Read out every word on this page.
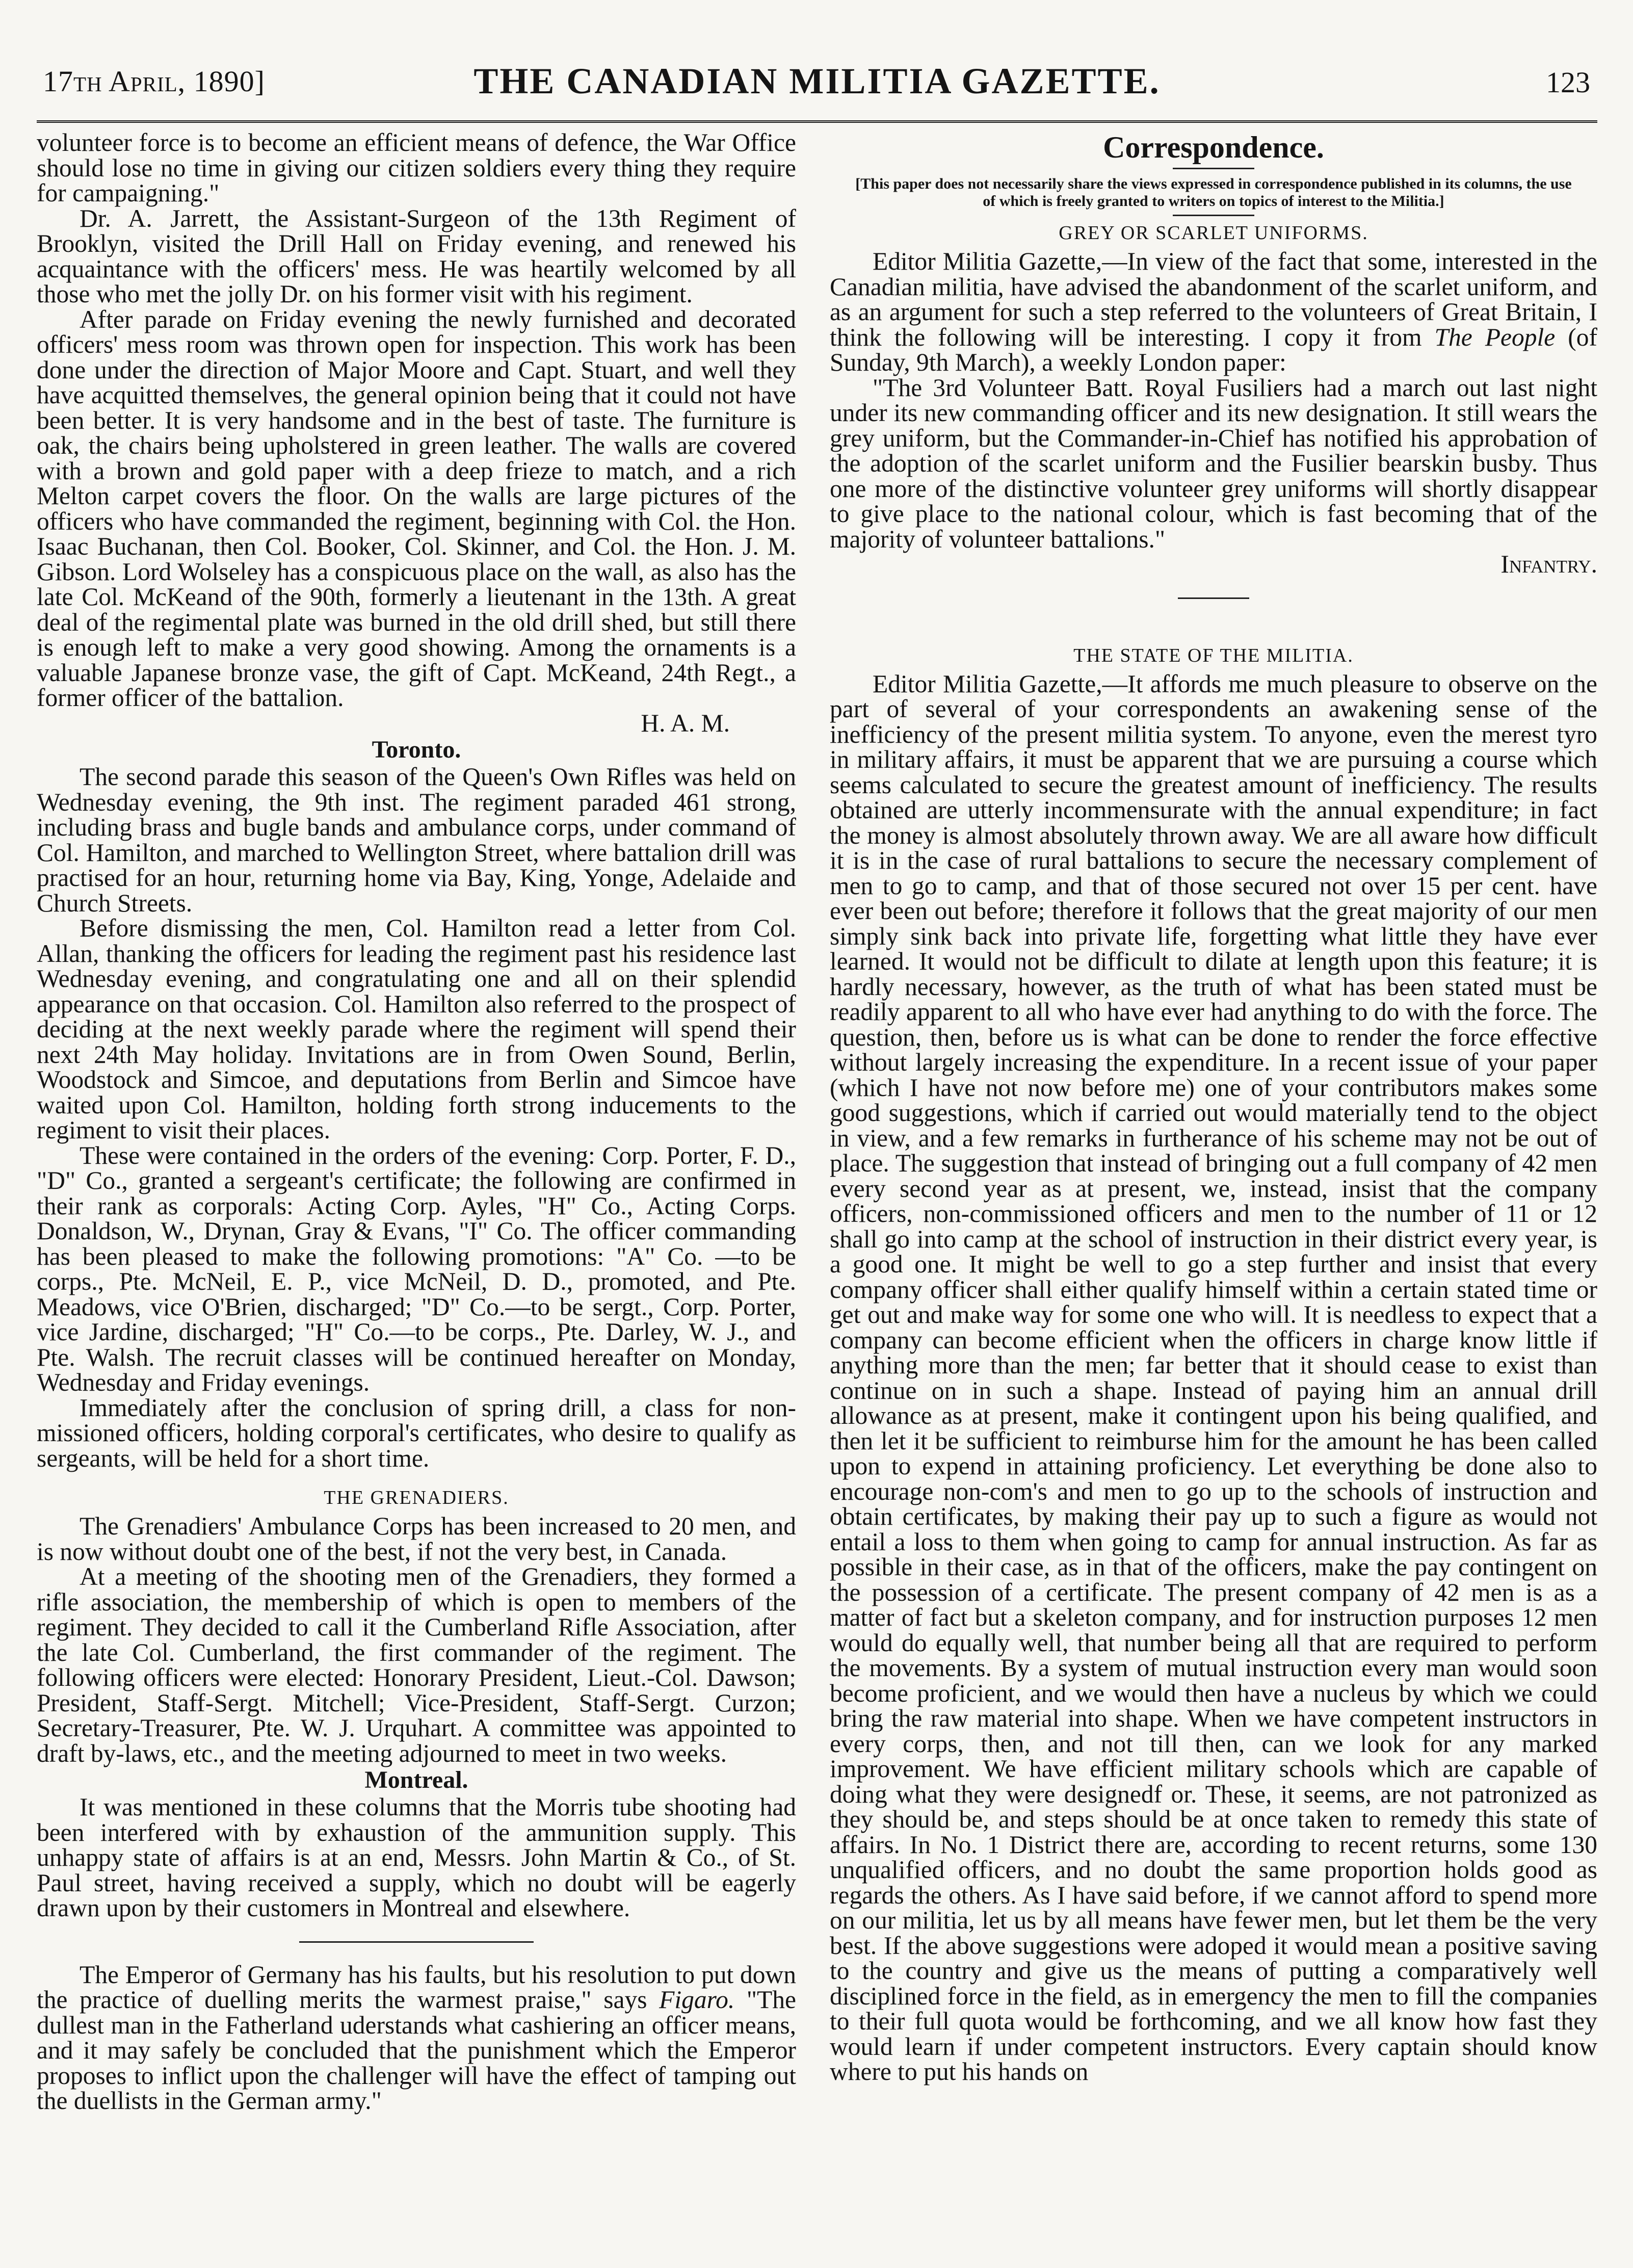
17th April, 1890]	THE CANADIAN MILITIA GAZETTE.	123

volunteer force is to become an efficient means of defence, the War Office should lose no time in giving our citizen soldiers every thing they require for campaigning."

Dr. A. Jarrett, the Assistant-Surgeon of the 13th Regiment of Brooklyn, visited the Drill Hall on Friday evening, and renewed his acquaintance with the officers' mess. He was heartily welcomed by all those who met the jolly Dr. on his former visit with his regiment.

After parade on Friday evening the newly furnished and decorated officers' mess room was thrown open for inspection. This work has been done under the direction of Major Moore and Capt. Stuart, and well they have acquitted themselves, the general opinion being that it could not have been better. It is very handsome and in the best of taste. The furniture is oak, the chairs being upholstered in green leather. The walls are covered with a brown and gold paper with a deep frieze to match, and a rich Melton carpet covers the floor. On the walls are large pictures of the officers who have commanded the regiment, beginning with Col. the Hon. Isaac Buchanan, then Col. Booker, Col. Skinner, and Col. the Hon. J. M. Gibson. Lord Wolseley has a conspicuous place on the wall, as also has the late Col. McKeand of the 90th, formerly a lieutenant in the 13th. A great deal of the regimental plate was burned in the old drill shed, but still there is enough left to make a very good showing. Among the ornaments is a valuable Japanese bronze vase, the gift of Capt. McKeand, 24th Regt., a former officer of the battalion.

H. A. M.

Toronto.

The second parade this season of the Queen's Own Rifles was held on Wednesday evening, the 9th inst. The regiment paraded 461 strong, including brass and bugle bands and ambulance corps, under command of Col. Hamilton, and marched to Wellington Street, where battalion drill was practised for an hour, returning home via Bay, King, Yonge, Adelaide and Church Streets.

Before dismissing the men, Col. Hamilton read a letter from Col. Allan, thanking the officers for leading the regiment past his residence last Wednesday evening, and congratulating one and all on their splendid appearance on that occasion. Col. Hamilton also referred to the prospect of deciding at the next weekly parade where the regiment will spend their next 24th May holiday. Invitations are in from Owen Sound, Berlin, Woodstock and Simcoe, and deputations from Berlin and Simcoe have waited upon Col. Hamilton, holding forth strong inducements to the regiment to visit their places.

These were contained in the orders of the evening: Corp. Porter, F. D., "D" Co., granted a sergeant's certificate; the following are confirmed in their rank as corporals: Acting Corp. Ayles, "H" Co., Acting Corps. Donaldson, W., Drynan, Gray & Evans, "I" Co. The officer commanding has been pleased to make the following promotions: "A" Co. —to be corps., Pte. McNeil, E. P., vice McNeil, D. D., promoted, and Pte. Meadows, vice O'Brien, discharged; "D" Co.—to be sergt., Corp. Porter, vice Jardine, discharged; "H" Co.—to be corps., Pte. Darley, W. J., and Pte. Walsh. The recruit classes will be continued hereafter on Monday, Wednesday and Friday evenings.

Immediately after the conclusion of spring drill, a class for non-missioned officers, holding corporal's certificates, who desire to qualify as sergeants, will be held for a short time.

THE GRENADIERS.

The Grenadiers' Ambulance Corps has been increased to 20 men, and is now without doubt one of the best, if not the very best, in Canada.

At a meeting of the shooting men of the Grenadiers, they formed a rifle association, the membership of which is open to members of the regiment. They decided to call it the Cumberland Rifle Association, after the late Col. Cumberland, the first commander of the regiment. The following officers were elected: Honorary President, Lieut.-Col. Dawson; President, Staff-Sergt. Mitchell; Vice-President, Staff-Sergt. Curzon; Secretary-Treasurer, Pte. W. J. Urquhart. A committee was appointed to draft by-laws, etc., and the meeting adjourned to meet in two weeks.

Montreal.

It was mentioned in these columns that the Morris tube shooting had been interfered with by exhaustion of the ammunition supply. This unhappy state of affairs is at an end, Messrs. John Martin & Co., of St. Paul street, having received a supply, which no doubt will be eagerly drawn upon by their customers in Montreal and elsewhere.

The Emperor of Germany has his faults, but his resolution to put down the practice of duelling merits the warmest praise," says Figaro. "The dullest man in the Fatherland uderstands what cashiering an officer means, and it may safely be concluded that the punishment which the Emperor proposes to inflict upon the challenger will have the effect of tamping out the duellists in the German army."

Correspondence.
[This paper does not necessarily share the views expressed in correspondence published in its columns, the use of which is freely granted to writers on topics of interest to the Militia.]
GREY OR SCARLET UNIFORMS.

Editor Militia Gazette,—In view of the fact that some, interested in the Canadian militia, have advised the abandonment of the scarlet uniform, and as an argument for such a step referred to the volunteers of Great Britain, I think the following will be interesting. I copy it from The People (of Sunday, 9th March), a weekly London paper:

"The 3rd Volunteer Batt. Royal Fusiliers had a march out last night under its new commanding officer and its new designation. It still wears the grey uniform, but the Commander-in-Chief has notified his approbation of the adoption of the scarlet uniform and the Fusilier bearskin busby. Thus one more of the distinctive volunteer grey uniforms will shortly disappear to give place to the national colour, which is fast becoming that of the majority of volunteer battalions."

Infantry.

THE STATE OF THE MILITIA.

Editor Militia Gazette,—It affords me much pleasure to observe on the part of several of your correspondents an awakening sense of the inefficiency of the present militia system. To anyone, even the merest tyro in military affairs, it must be apparent that we are pursuing a course which seems calculated to secure the greatest amount of inefficiency. The results obtained are utterly incommensurate with the annual expenditure; in fact the money is almost absolutely thrown away. We are all aware how difficult it is in the case of rural battalions to secure the necessary complement of men to go to camp, and that of those secured not over 15 per cent. have ever been out before; therefore it follows that the great majority of our men simply sink back into private life, forgetting what little they have ever learned. It would not be difficult to dilate at length upon this feature; it is hardly necessary, however, as the truth of what has been stated must be readily apparent to all who have ever had anything to do with the force. The question, then, before us is what can be done to render the force effective without largely increasing the expenditure. In a recent issue of your paper (which I have not now before me) one of your contributors makes some good suggestions, which if carried out would materially tend to the object in view, and a few remarks in furtherance of his scheme may not be out of place. The suggestion that instead of bringing out a full company of 42 men every second year as at present, we, instead, insist that the company officers, non-commissioned officers and men to the number of 11 or 12 shall go into camp at the school of instruction in their district every year, is a good one. It might be well to go a step further and insist that every company officer shall either qualify himself within a certain stated time or get out and make way for some one who will. It is needless to expect that a company can become efficient when the officers in charge know little if anything more than the men; far better that it should cease to exist than continue on in such a shape. Instead of paying him an annual drill allowance as at present, make it contingent upon his being qualified, and then let it be sufficient to reimburse him for the amount he has been called upon to expend in attaining proficiency. Let everything be done also to encourage non-com's and men to go up to the schools of instruction and obtain certificates, by making their pay up to such a figure as would not entail a loss to them when going to camp for annual instruction. As far as possible in their case, as in that of the officers, make the pay contingent on the possession of a certificate. The present company of 42 men is as a matter of fact but a skeleton company, and for instruction purposes 12 men would do equally well, that number being all that are required to perform the movements. By a system of mutual instruction every man would soon become proficient, and we would then have a nucleus by which we could bring the raw material into shape. When we have competent instructors in every corps, then, and not till then, can we look for any marked improvement. We have efficient military schools which are capable of doing what they were designedf or. These, it seems, are not patronized as they should be, and steps should be at once taken to remedy this state of affairs. In No. 1 District there are, according to recent returns, some 130 unqualified officers, and no doubt the same proportion holds good as regards the others. As I have said before, if we cannot afford to spend more on our militia, let us by all means have fewer men, but let them be the very best. If the above suggestions were adoped it would mean a positive saving to the country and give us the means of putting a comparatively well disciplined force in the field, as in emergency the men to fill the companies to their full quota would be forthcoming, and we all know how fast they would learn if under competent instructors. Every captain should know where to put his hands on
